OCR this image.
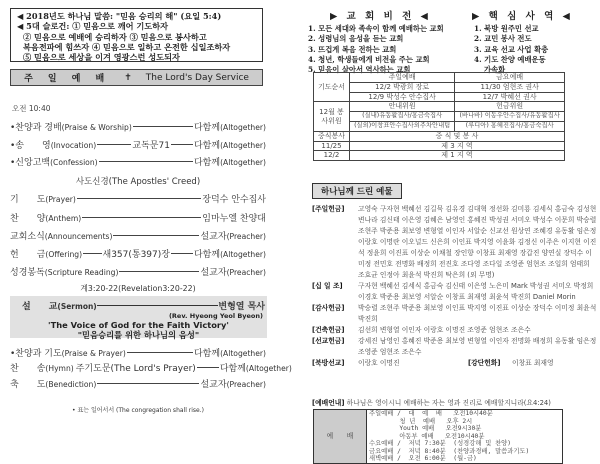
◀ 2018년도 하나님 말씀: "믿음 승리의 해" (요일 5:4)
◀ 5대 슬로건: ① 믿음으로 깨어 기도하자
② 믿음으로 예배에 승리하자 ③ 믿음으로 봉사하고
복음전파에 힘쓰자 ④ 믿음으로 일하고 온전한 십일조하자
⑤ 믿음으로 세상을 이겨 영광스런 성도되자
주 일 예 배 ✝ The Lord's Day Service
오전 10:40
사도신경(The Apostles' Creed)
계3:20-22(Revelation3:20-22)
설　　교 (Sermon)	변형열 목사
(Rev. Hyeong Yeol Byeon)
'The Voice of God for the Faith Victory'
"믿음승리를 위한 하나님의 음성"
• 표는 일어서서 (The congregation shall rise.)
▶ 교 회 비 전 ◀
1. 모든 세대와 족속이 함께 예배하는 교회
2. 성령님의 음성을 듣는 교회
3. 뜨겁게 복음 전하는 교회
4. 청년, 학생들에게 비전을 주는 교회
5. 믿음이 살아서 역사하는 교회
▶ 핵 심 사 역 ◀
1. 북방 원주민 선교
2. 교민 봉사 전도
3. 교육 선교 사업 확충
4. 기도 찬양 예배운동
가속화
기도순서	주일예배	금요예배
	12/2 박광희 장로	11/30 엄현조 권사
	12/9 박성수 안수집사	12/7 박혜선 권사
12월 봉사위원	안내위원	헌금위원
	(실내)유동활집사/홍금숙집사	(바나바) 이동우안수집사/유동활집사
	(실외)이창표안수집사외주차안내팀	(루디아) 홍혜진집사/홍금숙집사
중식봉사	중 식 및 봉 사	
11/25	제 3 지 역	
12/2	제 1 지 역	
하나님께 드린 예물
[주일헌금]	고영숙 구자현 백혜선 김길묵 김유경 김대혁 정선화 김미룡 김세식 홍금숙 김성현 변나라 김신태 이은영 김혜은 남영인 홍혜진 박성권 서미오 박성수 이문희 박승렬 조현주 박준용 최보영 변형열 이인자 서알순 신교선 원상연 조혜경 유동활 임은정 이랑호 이명란 이오널드 신은희 이인표 박지영 이윤화 김정신 이주은 이지현 이진석 정윤희 이진표 이상순 이채철 장인향 이창표 최재영 장갑진 양연실 장덕수 이미정 전민호 전명화 배정희 전진호 조다영 조다일 조영준 엄현조 조일희 엄태희 조효균 인정아 최윤석 박진희 탁은희 (외 무명)
[십 일 조]	구자현 백혜선 김세식 홍금숙 김신태 이은영 노은미 Mark 박성권 서미오 박정희 이경호 박준용 최보영 서알순 이창표 최재영 최윤석 박진희 Daniel Morin
[감사헌금]	박승렬 조현주 박준용 최보영 이인표 박지영 이진표 이상순 장덕수 이미정 최윤석 박진희
[건축헌금]	김선희 변형열 이인자 이랑호 이명진 조영준 엄현조 조은수
[선교헌금]	강세진 남영인 홍혜진 박준용 최보영 변형열 이인자 전명화 배정희 유동활 임은정 조영준 엄현조 조은수
[북방선교]	이랑호 이명진	[강단헌화]	이창표 최재영
[예배언내] 하나님은 영이시니 예배하는 자는 영과 진리로 예배할지니라(요4:24)
예　　배	
주일예배 /  대  예  배   오전10시40분
청 년  예배   오후 2시
Youth 예배   오전9시30분
아동부 예배   오전10시40분
수요예배 /  저녁 7:30분  (성경강해 및 찬양)
금요예배 /  저녁 8:40분  (찬양과경배, 말씀과기도)
새벽예배 /  오전 6:00분  (월-금)
•찬양과 경배 (Praise & Worship)	다함께 (Altogether)
•송　　영 (Invocation)	교독문71	다함께 (Altogether)
•신앙고백 (Confession)	다함께 (Altogether)
기　　도 (Prayer)	장덕수 안수집사
찬　　양 (Anthem)	임마누엘 찬양대
교회소식 (Announcements)	설교자 (Preacher)
헌　　금 (Offering) 새357(통397)장	다함께 (Altogether)
성경봉독 (Scripture Reading)	설교자 (Preacher)
•찬양과 기도 (Praise & Prayer)	다함께 (Altogether)
찬　　송 (Hymn) 주기도문(The Lord's Prayer)	다함께 (Altogether)
축　　도 (Benediction)	설교자 (Preacher)
